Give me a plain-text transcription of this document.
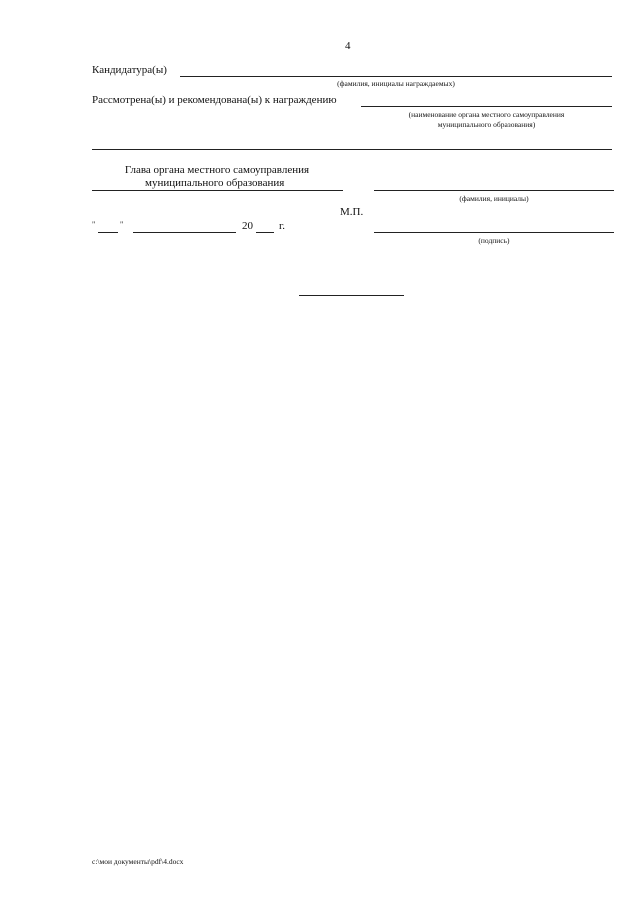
4
Кандидатура(ы)
(фамилия, инициалы награждаемых)
Рассмотрена(ы) и рекомендована(ы) к награждению
(наименование органа местного самоуправления
муниципального образования)
Глава органа местного самоуправления
муниципального образования
(фамилия, инициалы)
М.П.
"	"	20 г.
(подпись)
c:\мои документы\pdf\4.docx
